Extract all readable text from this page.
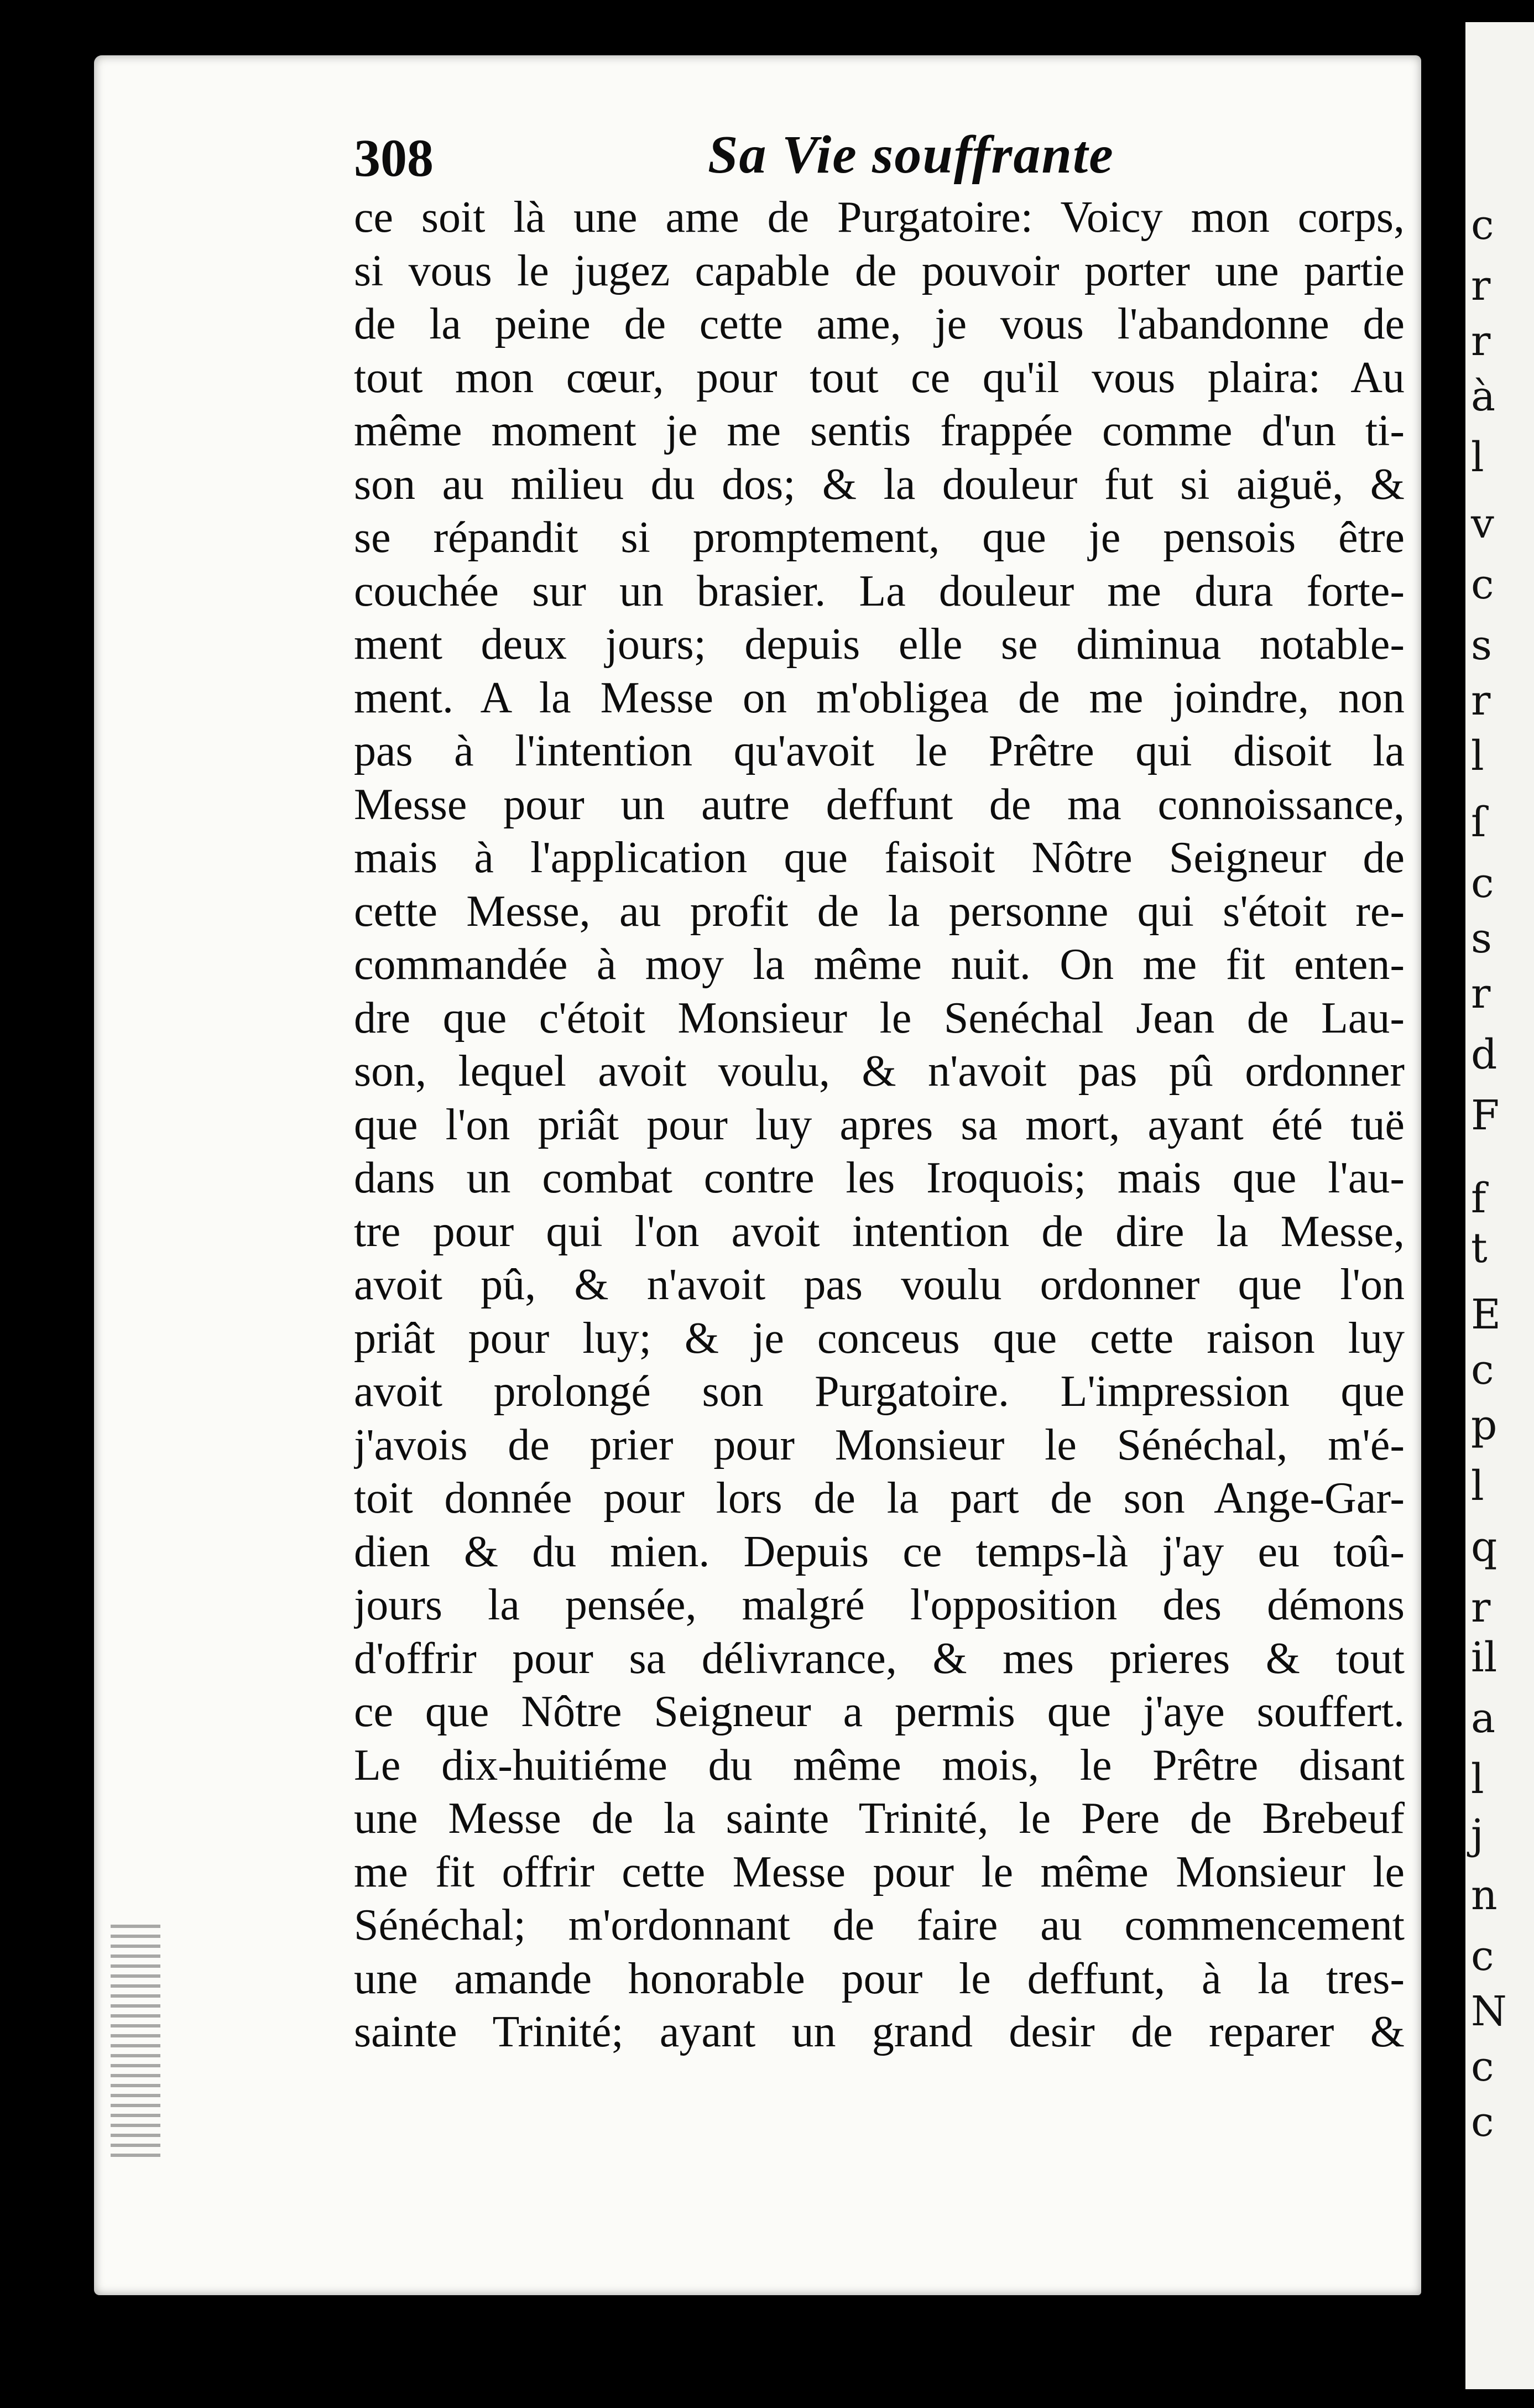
c
r
r
à
l
v
c
s
r
l
ſ
c
s
r
d
F
f
t
E
c
p
l
q
r
il
a
l
j
n
c
N
c
c
308	Sa Vie souffrante
ce soit là une ame de Purgatoire: Voicy mon corps,
si vous le jugez capable de pouvoir porter une partie
de la peine de cette ame, je vous l'abandonne de
tout mon cœur, pour tout ce qu'il vous plaira: Au
même moment je me sentis frappée comme d'un ti-
son au milieu du dos; & la douleur fut si aiguë, &
se répandit si promptement, que je pensois être
couchée sur un brasier. La douleur me dura forte-
ment deux jours; depuis elle se diminua notable-
ment. A la Messe on m'obligea de me joindre, non
pas à l'intention qu'avoit le Prêtre qui disoit la
Messe pour un autre deffunt de ma connoissance,
mais à l'application que faisoit Nôtre Seigneur de
cette Messe, au profit de la personne qui s'étoit re-
commandée à moy la même nuit. On me fit enten-
dre que c'étoit Monsieur le Senéchal Jean de Lau-
son, lequel avoit voulu, & n'avoit pas pû ordonner
que l'on priât pour luy apres sa mort, ayant été tuë
dans un combat contre les Iroquois; mais que l'au-
tre pour qui l'on avoit intention de dire la Messe,
avoit pû, & n'avoit pas voulu ordonner que l'on
priât pour luy; & je conceus que cette raison luy
avoit prolongé son Purgatoire. L'impression que
j'avois de prier pour Monsieur le Sénéchal, m'é-
toit donnée pour lors de la part de son Ange-Gar-
dien & du mien. Depuis ce temps-là j'ay eu toû-
jours la pensée, malgré l'opposition des démons
d'offrir pour sa délivrance, & mes prieres & tout
ce que Nôtre Seigneur a permis que j'aye souffert.
Le dix-huitiéme du même mois, le Prêtre disant
une Messe de la sainte Trinité, le Pere de Brebeuf
me fit offrir cette Messe pour le même Monsieur le
Sénéchal; m'ordonnant de faire au commencement
une amande honorable pour le deffunt, à la tres-
sainte Trinité; ayant un grand desir de reparer &
